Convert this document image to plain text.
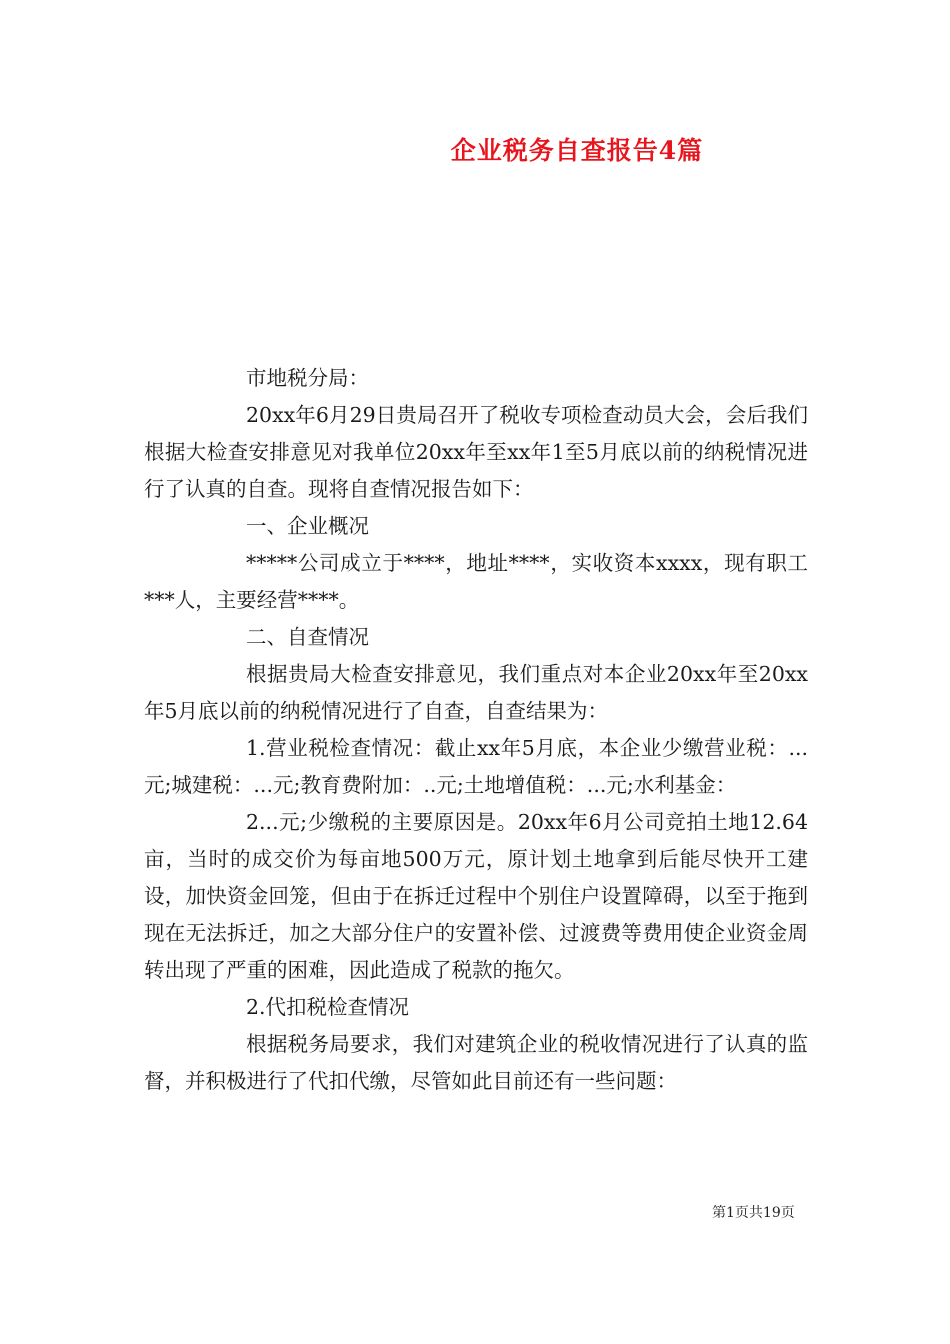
企业税务自查报告4篇

市地税分局：

20xx年6月29日贵局召开了税收专项检查动员大会，会后我们根据大检查安排意见对我单位20xx年至xx年1至5月底以前的纳税情况进行了认真的自查。现将自查情况报告如下：

一、企业概况

*****公司成立于****，地址****，实收资本xxxx，现有职工***人，主要经营****。

二、自查情况

根据贵局大检查安排意见，我们重点对本企业20xx年至20xx年5月底以前的纳税情况进行了自查，自查结果为：

1.营业税检查情况：截止xx年5月底，本企业少缴营业税：...元;城建税：...元;教育费附加：..元;土地增值税：...元;水利基金：

2...元;少缴税的主要原因是。20xx年6月公司竞拍土地12.64亩，当时的成交价为每亩地500万元，原计划土地拿到后能尽快开工建设，加快资金回笼，但由于在拆迁过程中个别住户设置障碍，以至于拖到现在无法拆迁，加之大部分住户的安置补偿、过渡费等费用使企业资金周转出现了严重的困难，因此造成了税款的拖欠。

2.代扣税检查情况

根据税务局要求，我们对建筑企业的税收情况进行了认真的监督，并积极进行了代扣代缴，尽管如此目前还有一些问题：

第1页共19页
